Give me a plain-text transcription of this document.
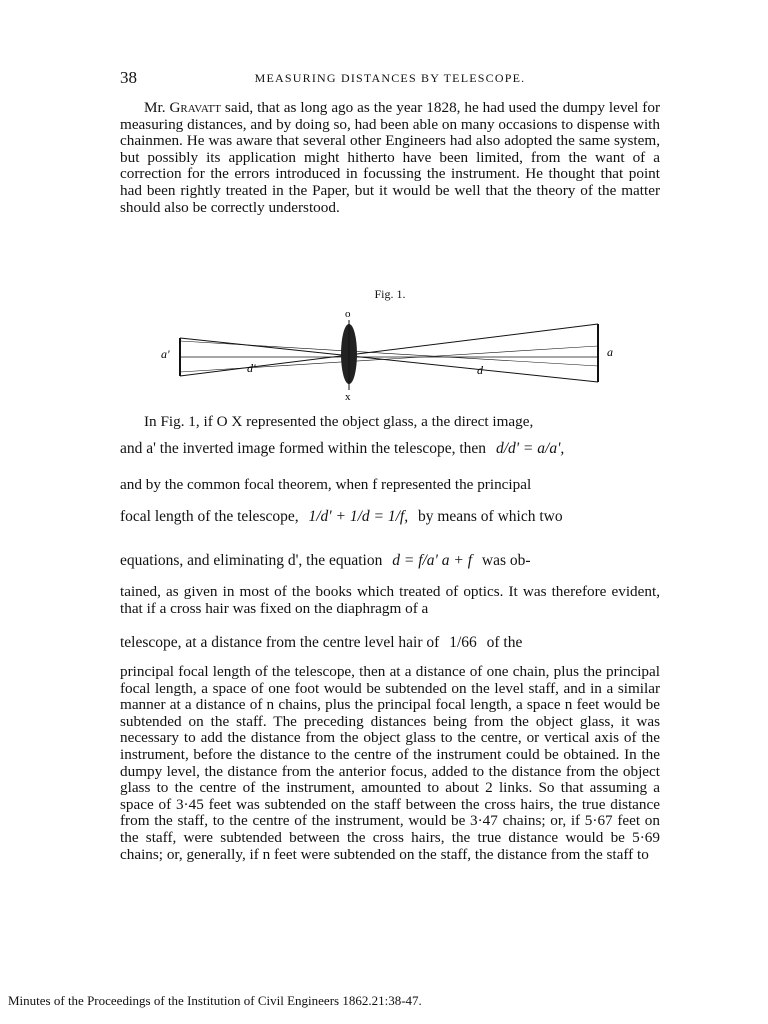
38	MEASURING DISTANCES BY TELESCOPE.

Mr. Gravatt said, that as long ago as the year 1828, he had used the dumpy level for measuring distances, and by doing so, had been able on many occasions to dispense with chainmen. He was aware that several other Engineers had also adopted the same system, but possibly its application might hitherto have been limited, from the want of a correction for the errors introduced in focussing the instrument. He thought that point had been rightly treated in the Paper, but it would be well that the theory of the matter should also be correctly understood.

Fig. 1.
o
x
a'	a
d'	d

In Fig. 1, if O X represented the object glass, a the direct image,

and a' the inverted image formed within the telescope, then d/d' = a/a',

and by the common focal theorem, when f represented the principal

focal length of the telescope, 1/d' + 1/d = 1/f, by means of which two
equations, and eliminating d', the equation d = f/a' a + f was ob-

tained, as given in most of the books which treated of optics. It was therefore evident, that if a cross hair was fixed on the diaphragm of a

telescope, at a distance from the centre level hair of 1/66 of the

principal focal length of the telescope, then at a distance of one chain, plus the principal focal length, a space of one foot would be subtended on the level staff, and in a similar manner at a distance of n chains, plus the principal focal length, a space n feet would be subtended on the staff. The preceding distances being from the object glass, it was necessary to add the distance from the object glass to the centre, or vertical axis of the instrument, before the distance to the centre of the instrument could be obtained. In the dumpy level, the distance from the anterior focus, added to the distance from the object glass to the centre of the instrument, amounted to about 2 links. So that assuming a space of 3·45 feet was subtended on the staff between the cross hairs, the true distance from the staff, to the centre of the instrument, would be 3·47 chains; or, if 5·67 feet on the staff, were subtended between the cross hairs, the true distance would be 5·69 chains; or, generally, if n feet were subtended on the staff, the distance from the staff to

Minutes of the Proceedings of the Institution of Civil Engineers 1862.21:38-47.
